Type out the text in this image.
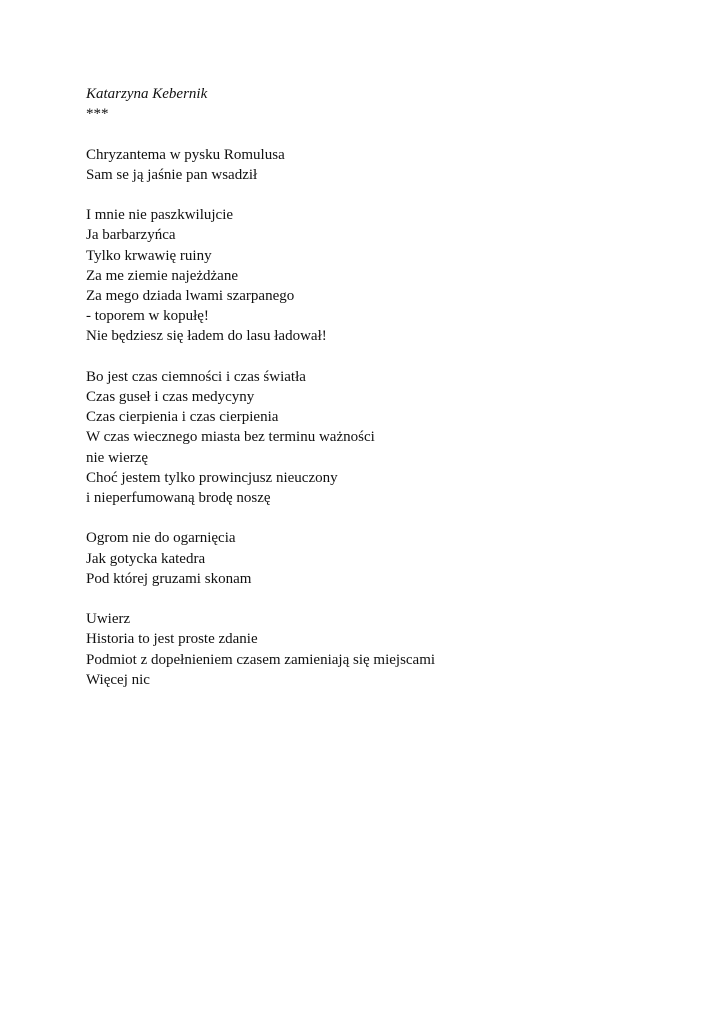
Katarzyna Kebernik
***
Chryzantema w pysku Romulusa
Sam se ją jaśnie pan wsadził
I mnie nie paszkwilujcie
Ja barbarzyńca
Tylko krwawię ruiny
Za me ziemie najeżdżane
Za mego dziada lwami szarpanego
- toporem w kopułę!
Nie będziesz się ładem do lasu ładował!
Bo jest czas ciemności i czas światła
Czas guseł i czas medycyny
Czas cierpienia i czas cierpienia
W czas wiecznego miasta bez terminu ważności
nie wierzę
Choć jestem tylko prowincjusz nieuczony
i nieperfumowaną brodę noszę
Ogrom nie do ogarnięcia
Jak gotycka katedra
Pod której gruzami skonam
Uwierz
Historia to jest proste zdanie
Podmiot z dopełnieniem czasem zamieniają się miejscami
Więcej nic
